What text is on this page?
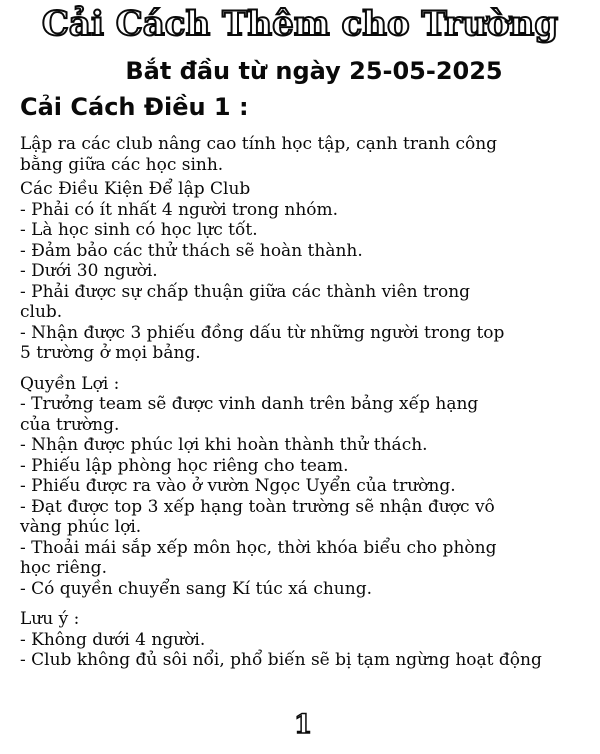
Cải Cách Thêm cho Trường
Bắt đầu từ ngày 25-05-2025
Cải Cách Điều 1 :

Lập ra các club nâng cao tính học tập, cạnh tranh công

bằng giữa các học sinh.

Các Điều Kiện Để lập Club

- Phải có ít nhất 4 người trong nhóm.

- Là học sinh có học lực tốt.

- Đảm bảo các thử thách sẽ hoàn thành.

- Dưới 30 người.

- Phải được sự chấp thuận giữa các thành viên trong

club.

- Nhận được 3 phiếu đồng dấu từ những người trong top

5 trường ở mọi bảng.

Quyền Lợi :

- Trưởng team sẽ được vinh danh trên bảng xếp hạng

của trường.

- Nhận được phúc lợi khi hoàn thành thử thách.

- Phiếu lập phòng học riêng cho team.

- Phiếu được ra vào ở vườn Ngọc Uyển của trường.

- Đạt được top 3 xếp hạng toàn trường sẽ nhận được vô

vàng phúc lợi.

- Thoải mái sắp xếp môn học, thời khóa biểu cho phòng

học riêng.

- Có quyền chuyển sang Kí túc xá chung.

Lưu ý :

- Không dưới 4 người.

- Club không đủ sôi nổi, phổ biến sẽ bị tạm ngừng hoạt động

1
